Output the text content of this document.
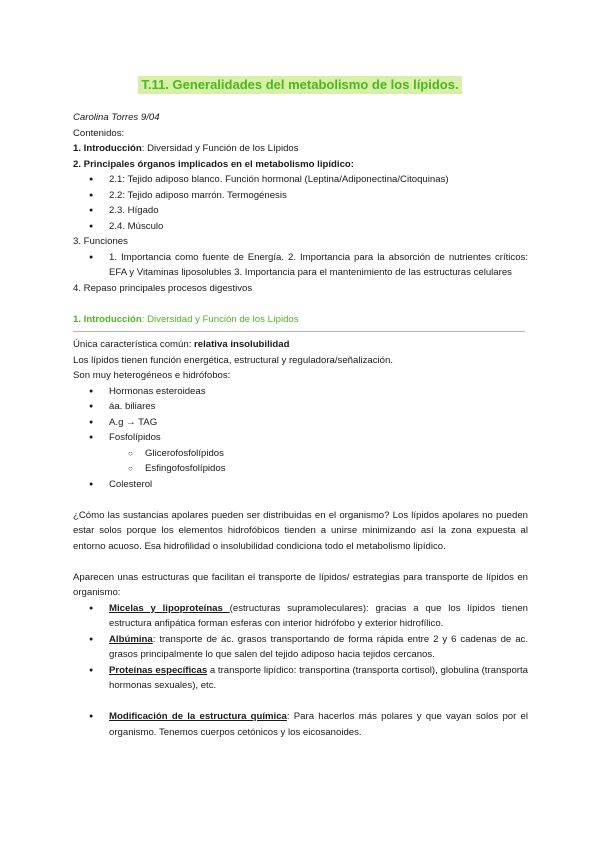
T.11. Generalidades del metabolismo de los lípidos.

Carolina Torres 9/04

Contenidos:

1. Introducción: Diversidad y Función de los Lípidos

2. Principales órganos implicados en el metabolismo lipídico:

● 2.1: Tejido adiposo blanco. Función hormonal (Leptina/Adiponectina/Citoquinas)
● 2.2: Tejido adiposo marrón. Termogénesis
● 2.3. Hígado
● 2.4. Músculo

3. Funciones

● 1. Importancia como fuente de Energía. 2. Importancia para la absorción de nutrientes críticos: EFA y Vitaminas liposolubles 3. Importancia para el mantenimiento de las estructuras celulares

4. Repaso principales procesos digestivos

1. Introducción: Diversidad y Función de los Lípidos

Única característica común: relativa insolubilidad

Los lípidos tienen función energética, estructural y reguladora/señalización.

Son muy heterogéneos e hidrófobos:

● Hormonas esteroideas
● áa. biliares
● A.g → TAG
● Fosfolípidos
○ Glicerofosfolípidos
○ Esfingofosfolípidos
● Colesterol

¿Cómo las sustancias apolares pueden ser distribuidas en el organismo? Los lípidos apolares no pueden estar solos porque los elementos hidrofóbicos tienden a unirse minimizando así la zona expuesta al entorno acuoso. Esa hidrofilidad o insolubilidad condiciona todo el metabolismo lipídico.

Aparecen unas estructuras que facilitan el transporte de lípidos/ estrategias para transporte de lípidos en organismo:

● Micelas y lipoproteínas (estructuras supramoleculares): gracias a que los lípidos tienen estructura anfipática forman esferas con interior hidrófobo y exterior hidrofílico.
● Albúmina: transporte de ác. grasos transportando de forma rápida entre 2 y 6 cadenas de ac. grasos principalmente lo que salen del tejido adiposo hacia tejidos cercanos.
● Proteínas específicas a transporte lipídico: transportina (transporta cortisol), globulina (transporta hormonas sexuales), etc.
● Modificación de la estructura química: Para hacerlos más polares y que vayan solos por el organismo. Tenemos cuerpos cetónicos y los eicosanoides.
